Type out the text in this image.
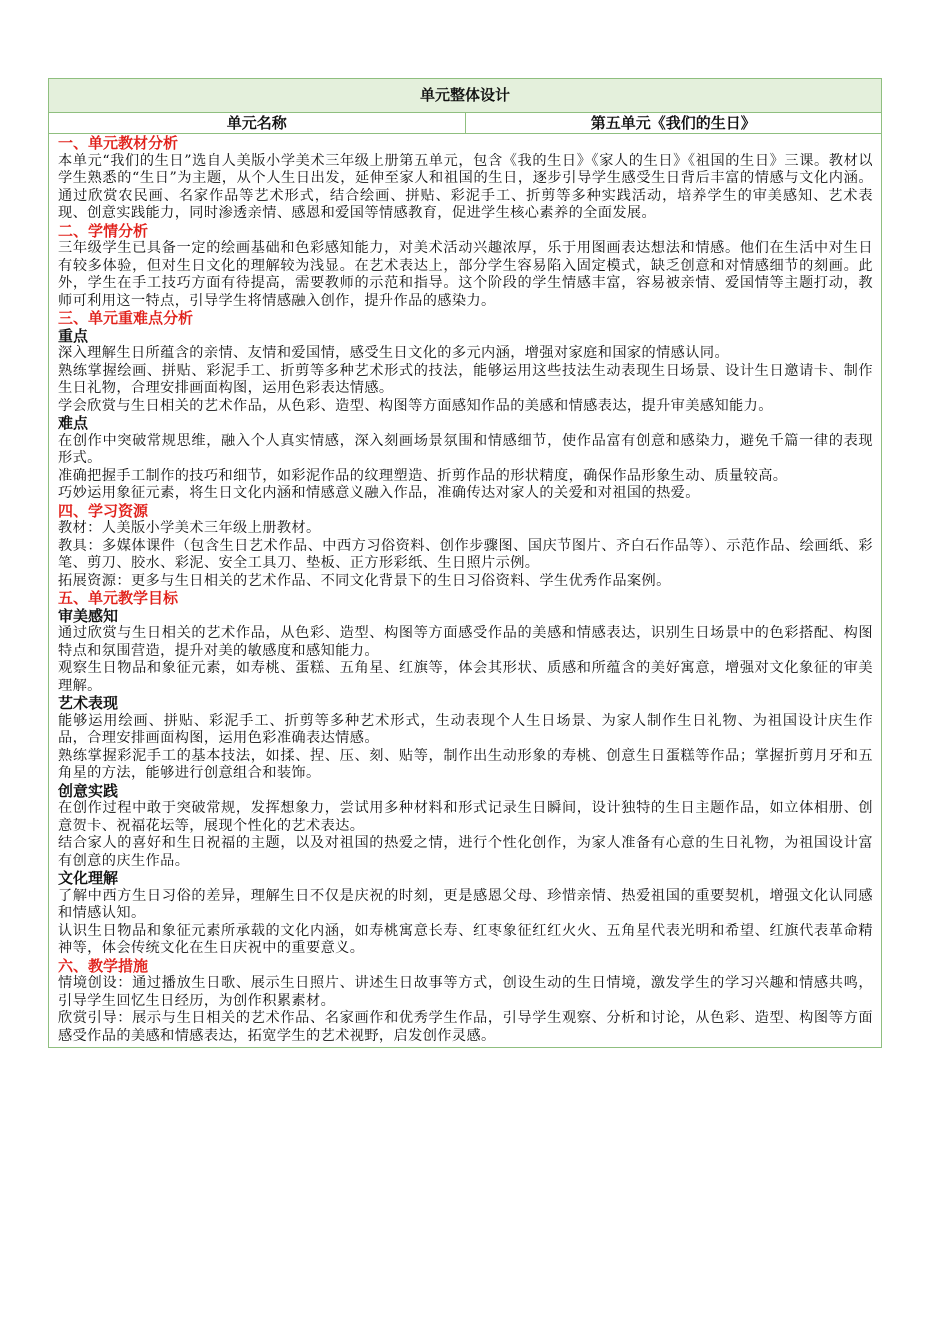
单元整体设计
单元名称	第五单元《我们的生日》

一、单元教材分析
本单元“我们的生日”选自人美版小学美术三年级上册第五单元，包含《我的生日》《家人的生日》《祖国的生日》三课。教材以学生熟悉的“生日”为主题，从个人生日出发，延伸至家人和祖国的生日，逐步引导学生感受生日背后丰富的情感与文化内涵。通过欣赏农民画、名家作品等艺术形式，结合绘画、拼贴、彩泥手工、折剪等多种实践活动，培养学生的审美感知、艺术表现、创意实践能力，同时渗透亲情、感恩和爱国等情感教育，促进学生核心素养的全面发展。
二、学情分析
三年级学生已具备一定的绘画基础和色彩感知能力，对美术活动兴趣浓厚，乐于用图画表达想法和情感。他们在生活中对生日有较多体验，但对生日文化的理解较为浅显。在艺术表达上，部分学生容易陷入固定模式，缺乏创意和对情感细节的刻画。此外，学生在手工技巧方面有待提高，需要教师的示范和指导。这个阶段的学生情感丰富，容易被亲情、爱国情等主题打动，教师可利用这一特点，引导学生将情感融入创作，提升作品的感染力。
三、单元重难点分析
重点
深入理解生日所蕴含的亲情、友情和爱国情，感受生日文化的多元内涵，增强对家庭和国家的情感认同。
熟练掌握绘画、拼贴、彩泥手工、折剪等多种艺术形式的技法，能够运用这些技法生动表现生日场景、设计生日邀请卡、制作生日礼物，合理安排画面构图，运用色彩表达情感。
学会欣赏与生日相关的艺术作品，从色彩、造型、构图等方面感知作品的美感和情感表达，提升审美感知能力。
难点
在创作中突破常规思维，融入个人真实情感，深入刻画场景氛围和情感细节，使作品富有创意和感染力，避免千篇一律的表现形式。
准确把握手工制作的技巧和细节，如彩泥作品的纹理塑造、折剪作品的形状精度，确保作品形象生动、质量较高。
巧妙运用象征元素，将生日文化内涵和情感意义融入作品，准确传达对家人的关爱和对祖国的热爱。
四、学习资源
教材：人美版小学美术三年级上册教材。
教具：多媒体课件（包含生日艺术作品、中西方习俗资料、创作步骤图、国庆节图片、齐白石作品等）、示范作品、绘画纸、彩笔、剪刀、胶水、彩泥、安全工具刀、垫板、正方形彩纸、生日照片示例。
拓展资源：更多与生日相关的艺术作品、不同文化背景下的生日习俗资料、学生优秀作品案例。
五、单元教学目标
审美感知
通过欣赏与生日相关的艺术作品，从色彩、造型、构图等方面感受作品的美感和情感表达，识别生日场景中的色彩搭配、构图特点和氛围营造，提升对美的敏感度和感知能力。
观察生日物品和象征元素，如寿桃、蛋糕、五角星、红旗等，体会其形状、质感和所蕴含的美好寓意，增强对文化象征的审美理解。
艺术表现
能够运用绘画、拼贴、彩泥手工、折剪等多种艺术形式，生动表现个人生日场景、为家人制作生日礼物、为祖国设计庆生作品，合理安排画面构图，运用色彩准确表达情感。
熟练掌握彩泥手工的基本技法，如揉、捏、压、刻、贴等，制作出生动形象的寿桃、创意生日蛋糕等作品；掌握折剪月牙和五角星的方法，能够进行创意组合和装饰。
创意实践
在创作过程中敢于突破常规，发挥想象力，尝试用多种材料和形式记录生日瞬间，设计独特的生日主题作品，如立体相册、创意贺卡、祝福花坛等，展现个性化的艺术表达。
结合家人的喜好和生日祝福的主题，以及对祖国的热爱之情，进行个性化创作，为家人准备有心意的生日礼物，为祖国设计富有创意的庆生作品。
文化理解
了解中西方生日习俗的差异，理解生日不仅是庆祝的时刻，更是感恩父母、珍惜亲情、热爱祖国的重要契机，增强文化认同感和情感认知。
认识生日物品和象征元素所承载的文化内涵，如寿桃寓意长寿、红枣象征红红火火、五角星代表光明和希望、红旗代表革命精神等，体会传统文化在生日庆祝中的重要意义。
六、教学措施
情境创设：通过播放生日歌、展示生日照片、讲述生日故事等方式，创设生动的生日情境，激发学生的学习兴趣和情感共鸣，引导学生回忆生日经历，为创作积累素材。
欣赏引导：展示与生日相关的艺术作品、名家画作和优秀学生作品，引导学生观察、分析和讨论，从色彩、造型、构图等方面感受作品的美感和情感表达，拓宽学生的艺术视野，启发创作灵感。
